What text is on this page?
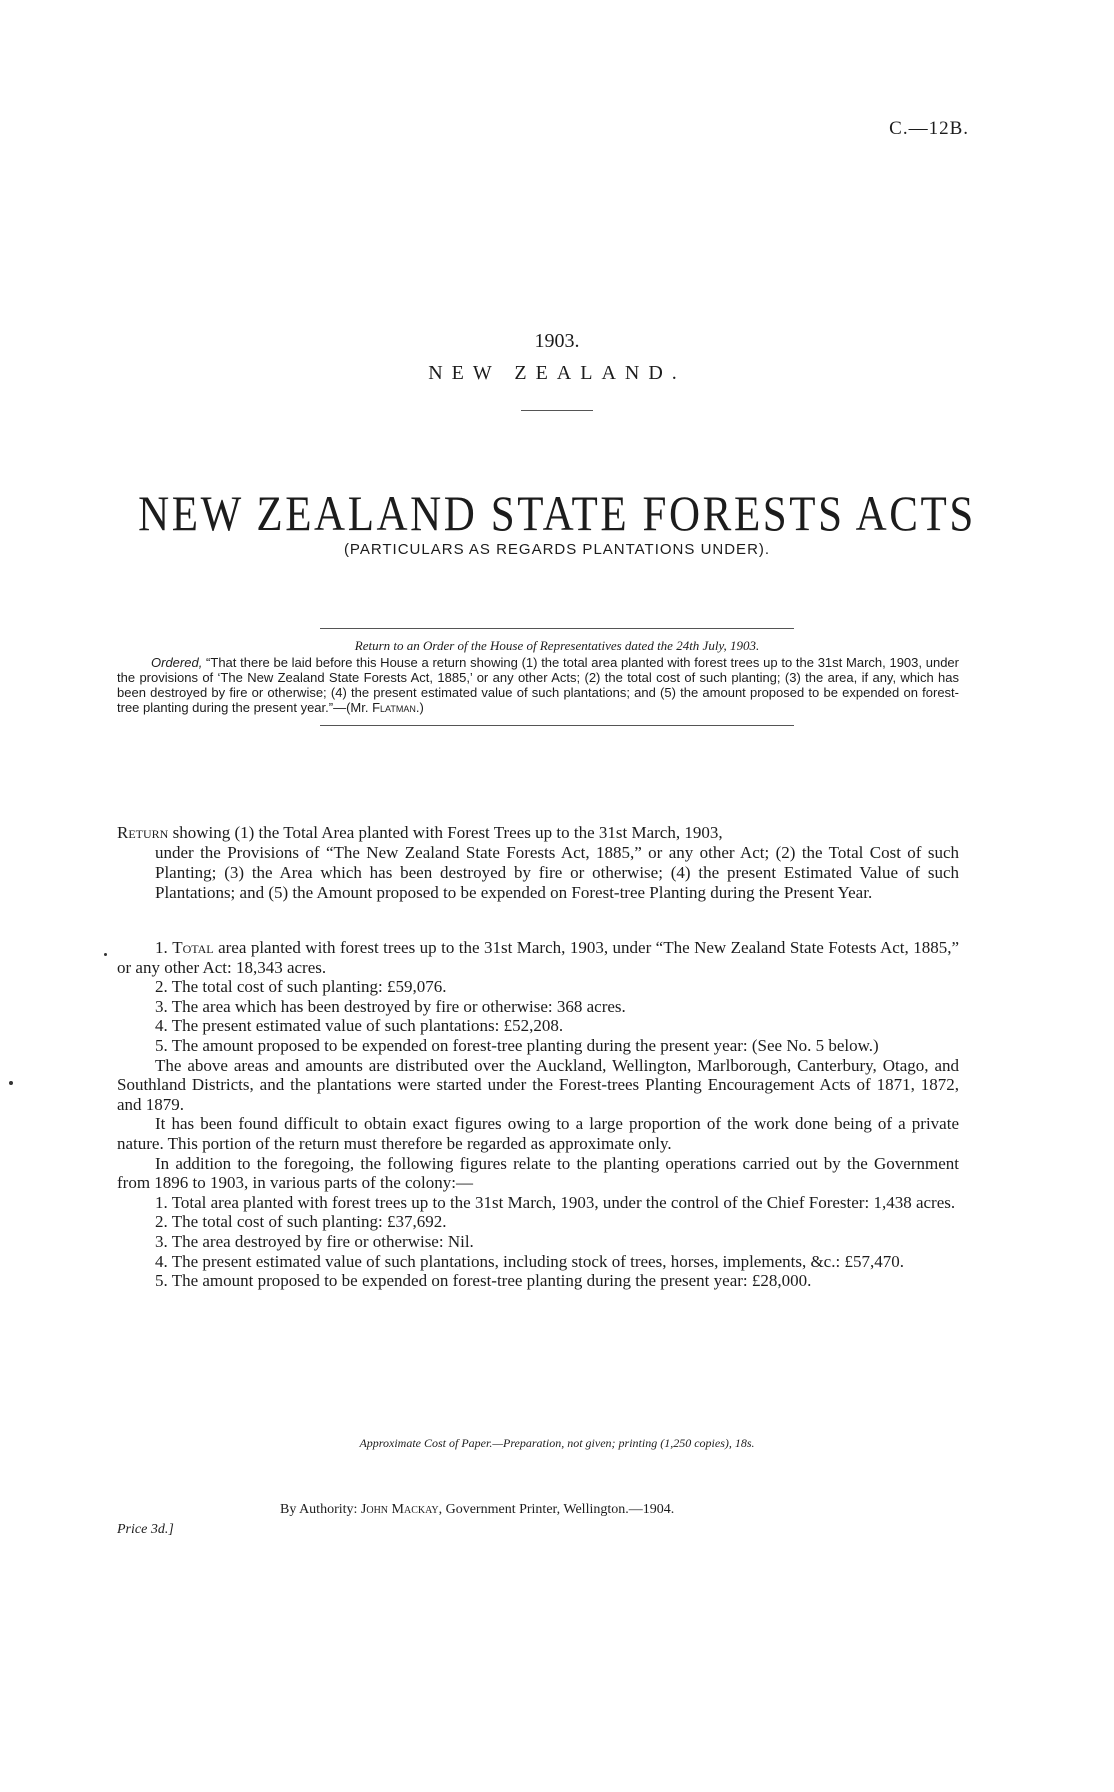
C.—12B.
1903.
NEW ZEALAND.
NEW ZEALAND STATE FORESTS ACTS
(PARTICULARS AS REGARDS PLANTATIONS UNDER).
Return to an Order of the House of Representatives dated the 24th July, 1903.
Ordered, “That there be laid before this House a return showing (1) the total area planted with forest trees up to the 31st March, 1903, under the provisions of ‘The New Zealand State Forests Act, 1885,’ or any other Acts; (2) the total cost of such planting; (3) the area, if any, which has been destroyed by fire or otherwise; (4) the present estimated value of such plantations; and (5) the amount proposed to be expended on forest-tree planting during the present year.”—(Mr. Flatman.)
Return showing (1) the Total Area planted with Forest Trees up to the 31st March, 1903,
under the Provisions of “The New Zealand State Forests Act, 1885,” or any other Act; (2) the Total Cost of such Planting; (3) the Area which has been destroyed by fire or otherwise; (4) the present Estimated Value of such Plantations; and (5) the Amount proposed to be expended on Forest-tree Planting during the Present Year.

1. Total area planted with forest trees up to the 31st March, 1903, under “The New Zealand State Fotests Act, 1885,” or any other Act: 18,343 acres.

2. The total cost of such planting: £59,076.

3. The area which has been destroyed by fire or otherwise: 368 acres.

4. The present estimated value of such plantations: £52,208.

5. The amount proposed to be expended on forest-tree planting during the present year: (See No. 5 below.)

The above areas and amounts are distributed over the Auckland, Wellington, Marlborough, Canterbury, Otago, and Southland Districts, and the plantations were started under the Forest-trees Planting Encouragement Acts of 1871, 1872, and 1879.

It has been found difficult to obtain exact figures owing to a large proportion of the work done being of a private nature. This portion of the return must therefore be regarded as approximate only.

In addition to the foregoing, the following figures relate to the planting operations carried out by the Government from 1896 to 1903, in various parts of the colony:—

1. Total area planted with forest trees up to the 31st March, 1903, under the control of the Chief Forester: 1,438 acres.

2. The total cost of such planting: £37,692.

3. The area destroyed by fire or otherwise: Nil.

4. The present estimated value of such plantations, including stock of trees, horses, implements, &c.: £57,470.

5. The amount proposed to be expended on forest-tree planting during the present year: £28,000.

Approximate Cost of Paper.—Preparation, not given; printing (1,250 copies), 18s.
By Authority: John Mackay, Government Printer, Wellington.—1904.
Price 3d.]
